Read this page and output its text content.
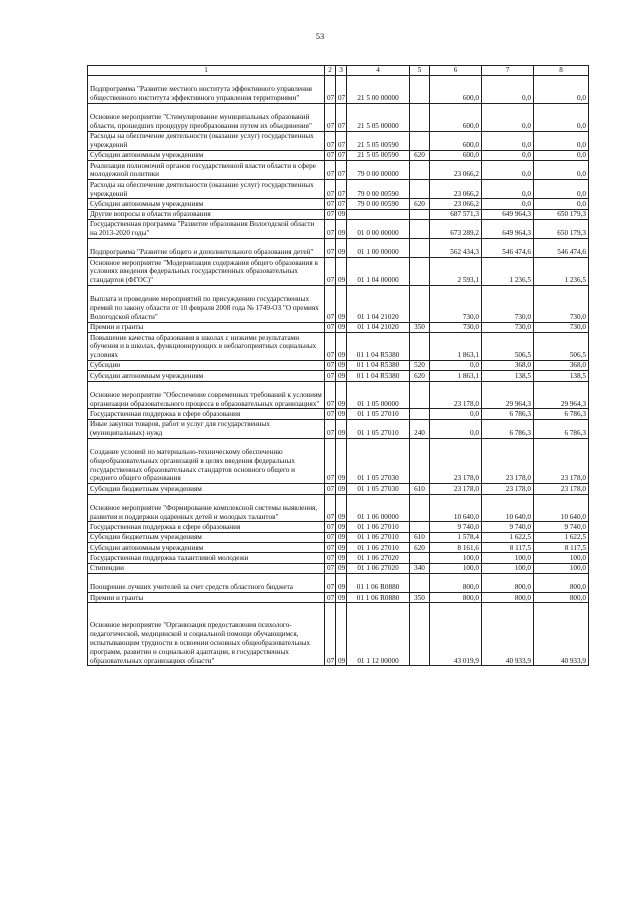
53
1	2	3	4	5	6	7	8
Подпрограмма "Развитие местного института эффективного управления общественного института эффективного управления территориями"	07	07	21 5 00 00000		600,0	0,0	0,0
Основное мероприятие "Стимулирование муниципальных образований области, прошедших процедуру преобразования путем их объединения"	07	07	21 5 05 00000		600,0	0,0	0,0
Расходы на обеспечение деятельности (оказание услуг) государственных учреждений	07	07	21 5 05 00590		600,0	0,0	0,0
Субсидии автономным учреждениям	07	07	21 5 05 00590	620	600,0	0,0	0,0
Реализация полномочий органов государственной власти области в сфере молодежной политики	07	07	79 0 00 00000		23 066,2	0,0	0,0
Расходы на обеспечение деятельности (оказание услуг) государственных учреждений	07	07	79 0 00 00590		23 066,2	0,0	0,0
Субсидии автономным учреждениям	07	07	79 0 00 00590	620	23 066,2	0,0	0,0
Другие вопросы в области образования	07	09			687 571,3	649 964,3	650 179,3
Государственная программа "Развитие образования Вологодской области на 2013-2020 годы"	07	09	01 0 00 00000		673 289,2	649 964,3	650 179,3
Подпрограмма "Развитие общего и дополнительного образования детей"	07	09	01 1 00 00000		562 434,3	546 474,6	546 474,6
Основное мероприятие "Модернизация содержания общего образования в условиях введения федеральных государственных образовательных стандартов (ФГОС)"	07	09	01 1 04 00000		2 593,1	1 236,5	1 236,5
Выплата и проведение мероприятий по присуждению государственных премий по закону области от 10 февраля 2008 года № 1749-ОЗ "О премиях Вологодской области"	07	09	01 1 04 21020		730,0	730,0	730,0
Премии и гранты	07	09	01 1 04 21020	350	730,0	730,0	730,0
Повышение качества образования в школах с низкими результатами обучения и в школах, функционирующих в неблагоприятных социальных условиях	07	09	01 1 04 R5380		1 863,1	506,5	506,5
Субсидии	07	09	01 1 04 R5380	520	0,0	368,0	368,0
Субсидии автономным учреждениям	07	09	01 1 04 R5380	620	1 863,1	138,5	138,5
Основное мероприятие "Обеспечение современных требований к условиям организации образовательного процесса в образовательных организациях"	07	09	01 1 05 00000		23 178,0	29 964,3	29 964,3
Государственная поддержка в сфере образования	07	09	01 1 05 27010		0,0	6 786,3	6 786,3
Иные закупки товаров, работ и услуг для государственных (муниципальных) нужд	07	09	01 1 05 27010	240	0,0	6 786,3	6 786,3
Создание условий по материально-техническому обеспечению общеобразовательных организаций в целях введения федеральных государственных образовательных стандартов основного общего и среднего общего образования	07	09	01 1 05 27030		23 178,0	23 178,0	23 178,0
Субсидии бюджетным учреждениям	07	09	01 1 05 27030	610	23 178,0	23 178,0	23 178,0
Основное мероприятие "Формирование комплексной системы выявления, развития и поддержки одаренных детей и молодых талантов"	07	09	01 1 06 00000		10 640,0	10 640,0	10 640,0
Государственная поддержка в сфере образования	07	09	01 1 06 27010		9 740,0	9 740,0	9 740,0
Субсидии бюджетным учреждениям	07	09	01 1 06 27010	610	1 578,4	1 622,5	1 622,5
Субсидии автономным учреждениям	07	09	01 1 06 27010	620	8 161,6	8 117,5	8 117,5
Государственная поддержка талантливой молодежи	07	09	01 1 06 27020		100,0	100,0	100,0
Стипендии	07	09	01 1 06 27020	340	100,0	100,0	100,0
Поощрение лучших учителей за счет средств областного бюджета	07	09	01 1 06 R0880		800,0	800,0	800,0
Премии и гранты	07	09	01 1 06 R0880	350	800,0	800,0	800,0
Основное мероприятие "Организация предоставления психолого-педагогической, медицинской и социальной помощи обучающимся, испытывающим трудности в освоении основных общеобразовательных программ, развитии и социальной адаптации, в государственных образовательных организациях области"	07	09	01 1 12 00000		43 019,9	40 933,9	40 933,9
